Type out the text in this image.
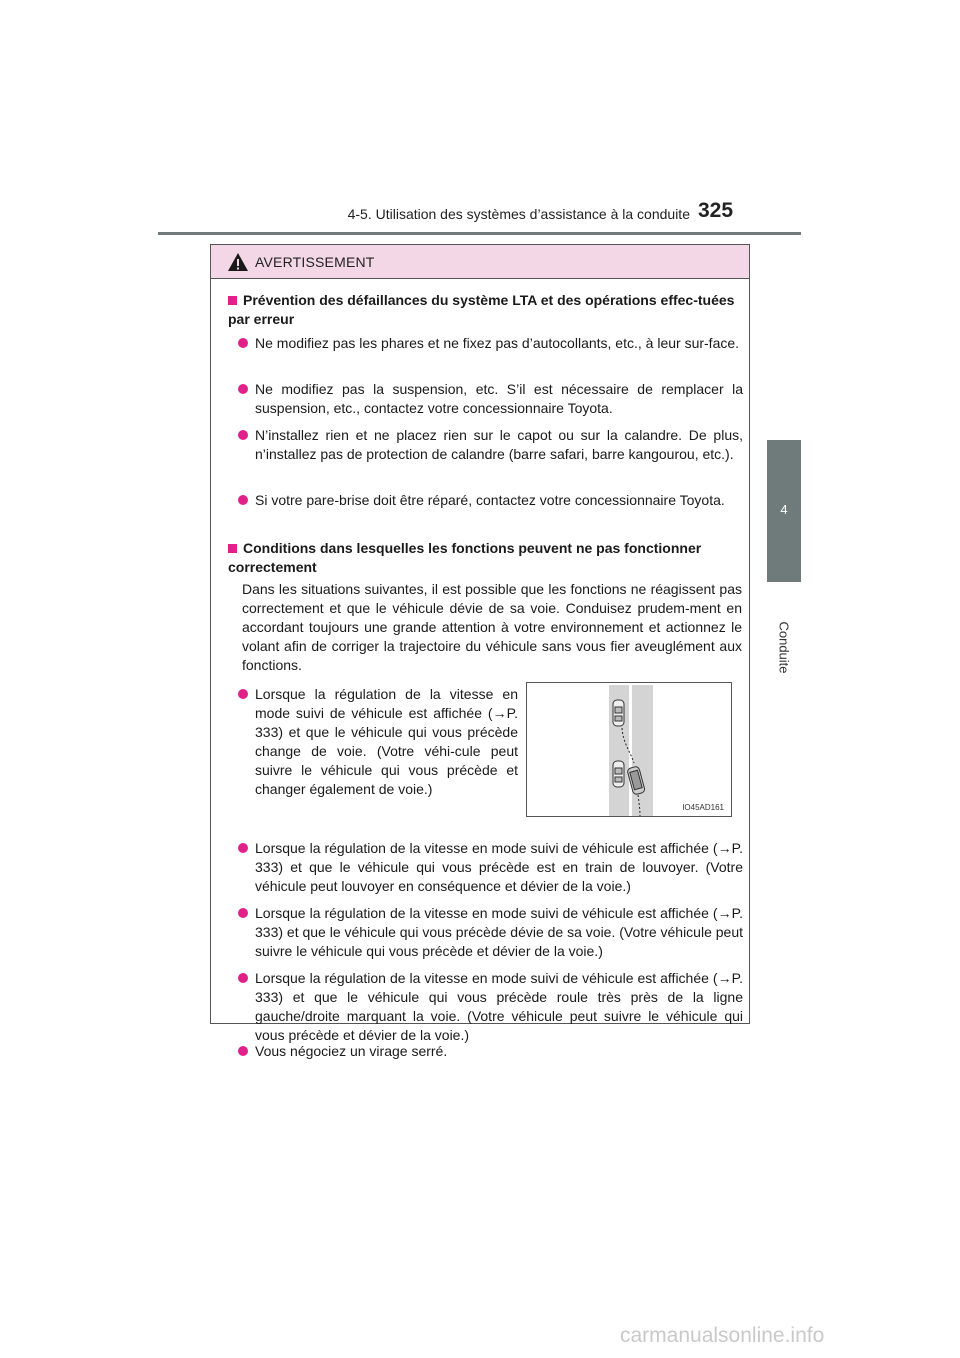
4-5. Utilisation des systèmes d’assistance à la conduite 325
4
Conduite
AVERTISSEMENT
Prévention des défaillances du système LTA et des opérations effec-tuées par erreur
Ne modifiez pas les phares et ne fixez pas d’autocollants, etc., à leur sur-face.
Ne modifiez pas la suspension, etc. S’il est nécessaire de remplacer la suspension, etc., contactez votre concessionnaire Toyota.
N’installez rien et ne placez rien sur le capot ou sur la calandre. De plus, n’installez pas de protection de calandre (barre safari, barre kangourou, etc.).
Si votre pare-brise doit être réparé, contactez votre concessionnaire Toyota.
Conditions dans lesquelles les fonctions peuvent ne pas fonctionner correctement
Dans les situations suivantes, il est possible que les fonctions ne réagissent pas correctement et que le véhicule dévie de sa voie. Conduisez prudem-ment en accordant toujours une grande attention à votre environnement et actionnez le volant afin de corriger la trajectoire du véhicule sans vous fier aveuglément aux fonctions.
Lorsque la régulation de la vitesse en mode suivi de véhicule est affichée (→P. 333) et que le véhicule qui vous précède change de voie. (Votre véhi-cule peut suivre le véhicule qui vous précède et changer également de voie.)
IO45AD161
Lorsque la régulation de la vitesse en mode suivi de véhicule est affichée (→P. 333) et que le véhicule qui vous précède est en train de louvoyer. (Votre véhicule peut louvoyer en conséquence et dévier de la voie.)
Lorsque la régulation de la vitesse en mode suivi de véhicule est affichée (→P. 333) et que le véhicule qui vous précède dévie de sa voie. (Votre véhicule peut suivre le véhicule qui vous précède et dévier de la voie.)
Lorsque la régulation de la vitesse en mode suivi de véhicule est affichée (→P. 333) et que le véhicule qui vous précède roule très près de la ligne gauche/droite marquant la voie. (Votre véhicule peut suivre le véhicule qui vous précède et dévier de la voie.)
Vous négociez un virage serré.
carmanualsonline.info
